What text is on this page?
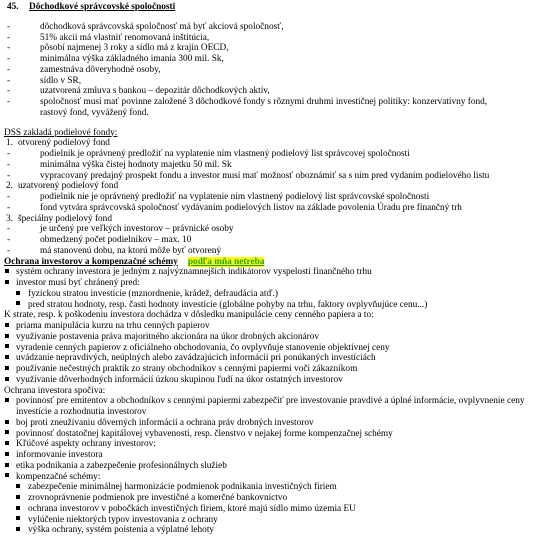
45. Dôchodkové správcovské spoločnosti
-	dôchodková správcovská spoločnosť má byť akciová spoločnosť,
-	51% akcií má vlastniť renomovaná inštitúcia,
-	pôsobí najmenej 3 roky a sídlo má z krajín OECD,
-	minimálna výška základného imania 300 mil. Sk,
-	zamestnáva dôveryhodné osoby,
-	sídlo v SR,
-	uzatvorená zmluva s bankou – depozitár dôchodkových aktív,
-	spoločnosť musí mať povinne založené 3 dôchodkové fondy s rôznymi druhmi investičnej politiky: konzervatívny fond, rastový fond, vyvážený fond.
DSS zakladá podielové fondy:
1. otvorený podielový fond
-	podielnik je oprávnený predložiť na vyplatenie ním vlastnený podielový list správcovej spoločnosti
-	minimálna výška čistej hodnoty majetku 50 mil. Sk
-	vypracovaný predajný prospekt fondu a investor musí mať možnosť oboznámiť sa s ním pred vydaním podielového listu
2. uzatvorený podielový fond
-	podielnik nie je oprávnený predložiť na vyplatenie ním vlastnený podielový list správcovské spoločnosti
-	fond vytvára správcovská spoločnosť vydávaním podielových listov na základe povolenia Úradu pre finančný trh
3. špeciálny podielový fond
-	je určený pre veľkých investorov – právnické osoby
-	obmedzený počet podielnikov – max. 10
-	má stanovenú dobu, na ktorú môže byť otvorený
Ochrana investorov a kompenzačné schémy podľa mňa netreba
systém ochrany investora je jedným z najvýznamnejších indikátorov vyspelosti finančného trhu
investor musí byť chránený pred:
fyzickou stratou investície (mznordnenie, krádež, defraudácia atď.)
pred stratou hodnoty, resp. časti hodnoty investície (globálne pohyby na trhu, faktory ovplyvňujúce cenu...)
K strate, resp. k poškodeniu investora dochádza v dôsledku manipulácie ceny cenného papiera a to:
priama manipulácia kurzu na trhu cenných papierov
využívanie postavenia práva majoritného akcionára na úkor drobných akcionárov
vyradenie cenných papierov z oficiálneho obchodovania, čo ovplyvňuje stanovenie objektívnej ceny
uvádzanie nepravdivých, neúplných alebo zavádzajúcich informácií pri ponúkaných investíciách
používanie nečestných praktík zo strany obchodníkov s cennými papiermi voči zákazníkom
využívanie dôverhodných informácií úzkou skupinou ľudí na úkor ostatných investorov
Ochrana investora spočíva:
povinnosť pre emitentov a obchodníkov s cennými papiermi zabezpečiť pre investovanie pravdivé a úplné informácie, ovplyvnenie ceny investície a rozhodnutia investorov
boj proti zneužívaniu dôverných informácií a ochrana práv drobných investorov
povinnosť dostatočnej kapitálovej vybavenosti, resp. členstvo v nejakej forme kompenzačnej schémy
Kľúčové aspekty ochrany investorov:
informovanie investora
etika podnikania a zabezpečenie profesionálnych služieb
kompenzačné schémy:
zabezpečenie minimálnej harmonizácie podmienok podnikania investičných firiem
zrovnoprávnenie podmienok pre investičné a komerčné bankovníctvo
ochrana investorov v pobočkách investičných firiem, ktoré majú sídlo mimo územia EU
vylúčenie niektorých typov investovania z ochrany
výška ochrany, systém poistenia a výplatné lehoty
